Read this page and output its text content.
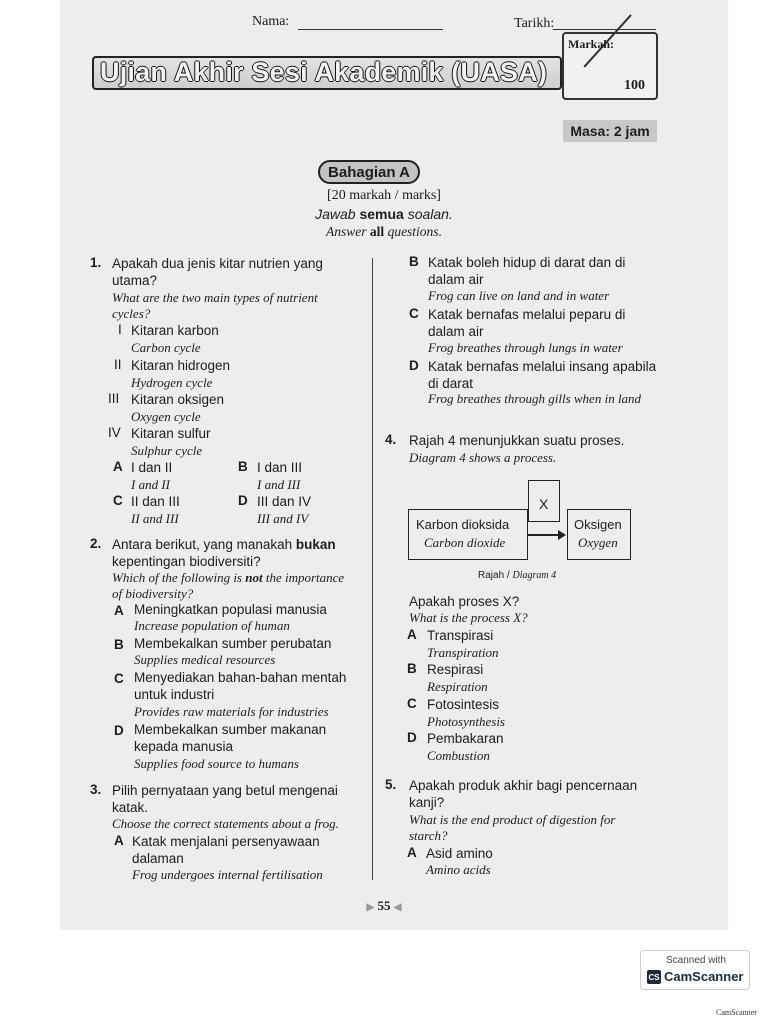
Nama:	Tarikh:
Ujian Akhir Sesi Akademik (UASA)
Markah:
100
Masa: 2 jam
Bahagian A
[20 markah / marks]
Jawab semua soalan.
Answer all questions.
1. Apakah dua jenis kitar nutrien yang
utama?
What are the two main types of nutrient
cycles?
I Kitaran karbon
Carbon cycle
II Kitaran hidrogen
Hydrogen cycle
III Kitaran oksigen
Oxygen cycle
IV Kitaran sulfur
Sulphur cycle
A I dan II
I and II
B I dan III
I and III
C II dan III
II and III
D III dan IV
III and IV
2. Antara berikut, yang manakah bukan
kepentingan biodiversiti?
Which of the following is not the importance
of biodiversity?
A Meningkatkan populasi manusia
Increase population of human
B Membekalkan sumber perubatan
Supplies medical resources
C Menyediakan bahan-bahan mentah
untuk industri
Provides raw materials for industries
D Membekalkan sumber makanan
kepada manusia
Supplies food source to humans
3. Pilih pernyataan yang betul mengenai
katak.
Choose the correct statements about a frog.
A Katak menjalani persenyawaan
dalaman
Frog undergoes internal fertilisation
B Katak boleh hidup di darat dan di
dalam air
Frog can live on land and in water
C Katak bernafas melalui peparu di
dalam air
Frog breathes through lungs in water
D Katak bernafas melalui insang apabila
di darat
Frog breathes through gills when in land
4. Rajah 4 menunjukkan suatu proses.
Diagram 4 shows a process.
X
Karbon dioksida
Carbon dioxide
Oksigen
Oxygen
Rajah / Diagram 4
Apakah proses X?
What is the process X?
A Transpirasi
Transpiration
B Respirasi
Respiration
C Fotosintesis
Photosynthesis
D Pembakaran
Combustion
5. Apakah produk akhir bagi pencernaan
kanji?
What is the end product of digestion for
starch?
A Asid amino
Amino acids
▶ 55 ◀
Scanned with
CS CamScanner
CamScanner
